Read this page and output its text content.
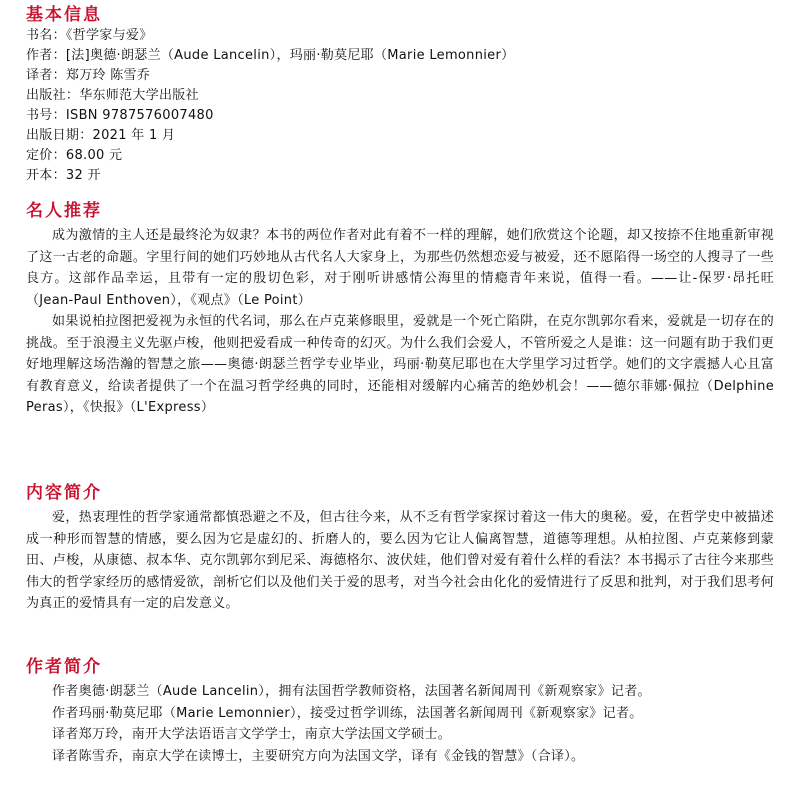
基本信息

书名：《哲学家与爱》

作者：[法]奥德·朗瑟兰（Aude Lancelin），玛丽·勒莫尼耶（Marie Lemonnier）

译者：郑万玲 陈雪乔

出版社：华东师范大学出版社

书号：ISBN 9787576007480

出版日期：2021 年 1 月

定价：68.00 元

开本：32 开

名人推荐

成为激情的主人还是最终沦为奴隶？本书的两位作者对此有着不一样的理解，她们欣赏这个论题，却又按捺不住地重新审视了这一古老的命题。字里行间的她们巧妙地从古代名人大家身上，为那些仍然想恋爱与被爱，还不愿陷得一场空的人搜寻了一些良方。这部作品幸运，且带有一定的殷切色彩，对于刚听讲感情公海里的情瘾青年来说，值得一看。——让-保罗·昂托旺（Jean-Paul Enthoven），《观点》（Le Point）

如果说柏拉图把爱视为永恒的代名词，那么在卢克莱修眼里，爱就是一个死亡陷阱，在克尔凯郭尔看来，爱就是一切存在的挑战。至于浪漫主义先驱卢梭，他则把爱看成一种传奇的幻灭。为什么我们会爱人，不管所爱之人是谁：这一问题有助于我们更好地理解这场浩瀚的智慧之旅——奥德·朗瑟兰哲学专业毕业，玛丽·勒莫尼耶也在大学里学习过哲学。她们的文字震撼人心且富有教育意义，给读者提供了一个在温习哲学经典的同时，还能相对缓解内心痛苦的绝妙机会！——德尔菲娜·佩拉（Delphine Peras），《快报》（L'Express）

内容简介

爱，热衷理性的哲学家通常都慎恐避之不及，但古往今来，从不乏有哲学家探讨着这一伟大的奥秘。爱，在哲学史中被描述成一种形而智慧的情感，要么因为它是虚幻的、折磨人的，要么因为它让人偏离智慧，道德等理想。从柏拉图、卢克莱修到蒙田、卢梭，从康德、叔本华、克尔凯郭尔到尼采、海德格尔、波伏娃，他们曾对爱有着什么样的看法？本书揭示了古往今来那些伟大的哲学家经历的感情爱欲，剖析它们以及他们关于爱的思考，对当今社会由化化的爱情进行了反思和批判，对于我们思考何为真正的爱情具有一定的启发意义。

作者简介

作者奥德·朗瑟兰（Aude Lancelin），拥有法国哲学教师资格，法国著名新闻周刊《新观察家》记者。

作者玛丽·勒莫尼耶（Marie Lemonnier），接受过哲学训练，法国著名新闻周刊《新观察家》记者。

译者郑万玲，南开大学法语语言文学学士，南京大学法国文学硕士。

译者陈雪乔，南京大学在读博士，主要研究方向为法国文学，译有《金钱的智慧》（合译）。
